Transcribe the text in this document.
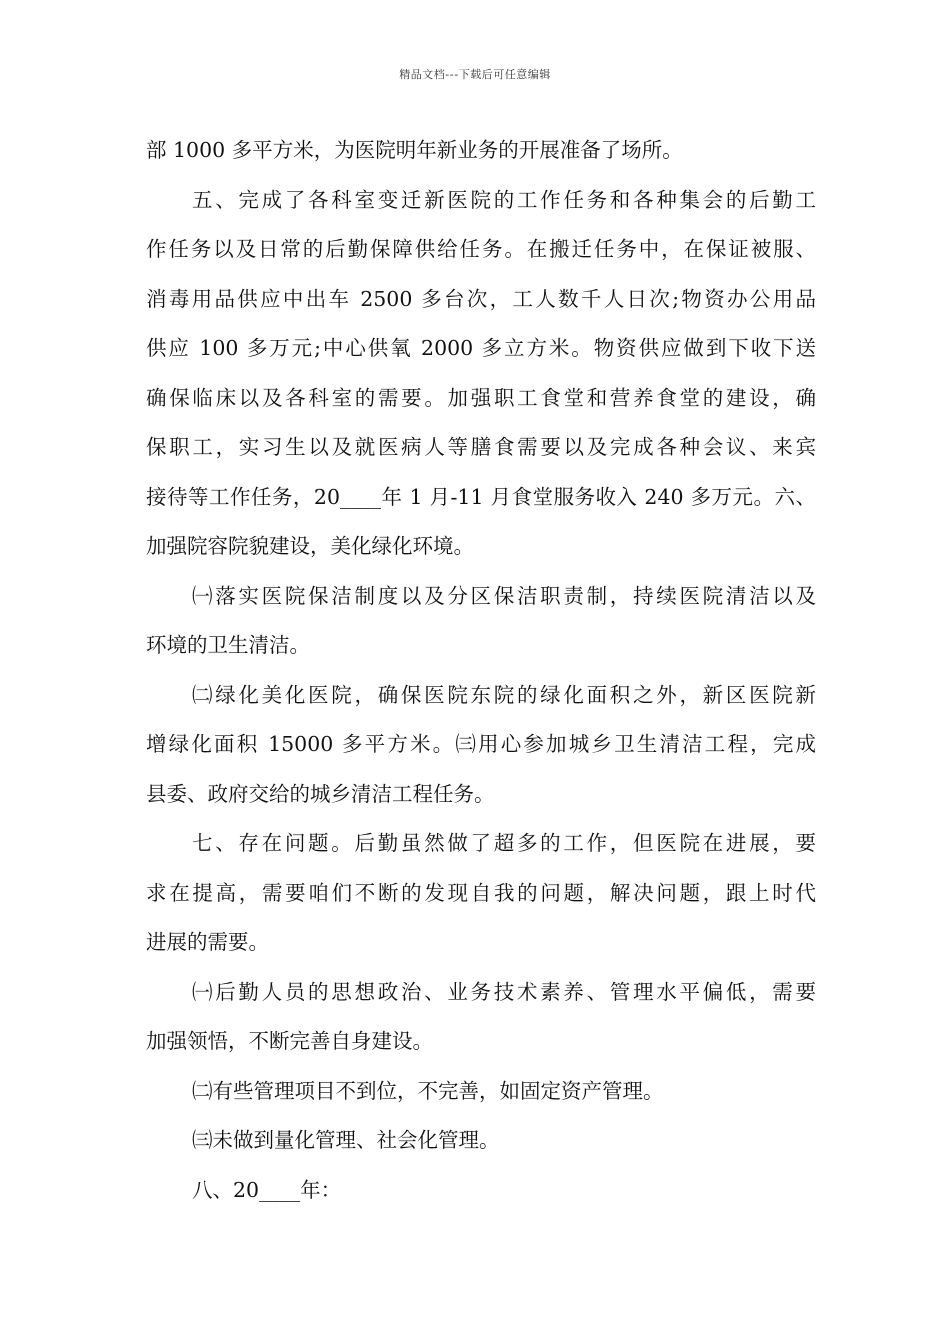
精品文档---下载后可任意编辑
部 1000 多平方米，为医院明年新业务的开展准备了场所。
五、完成了各科室变迁新医院的工作任务和各种集会的后勤工
作任务以及日常的后勤保障供给任务。在搬迁任务中，在保证被服、
消毒用品供应中出车 2500 多台次，工人数千人日次;物资办公用品
供应 100 多万元;中心供氧 2000 多立方米。物资供应做到下收下送
确保临床以及各科室的需要。加强职工食堂和营养食堂的建设，确
保职工，实习生以及就医病人等膳食需要以及完成各种会议、来宾
接待等工作任务，20____年 1 月-11 月食堂服务收入 240 多万元。六、
加强院容院貌建设，美化绿化环境。
㈠落实医院保洁制度以及分区保洁职责制，持续医院清洁以及
环境的卫生清洁。
㈡绿化美化医院，确保医院东院的绿化面积之外，新区医院新
增绿化面积 15000 多平方米。㈢用心参加城乡卫生清洁工程，完成
县委、政府交给的城乡清洁工程任务。
七、存在问题。后勤虽然做了超多的工作，但医院在进展，要
求在提高，需要咱们不断的发现自我的问题，解决问题，跟上时代
进展的需要。
㈠后勤人员的思想政治、业务技术素养、管理水平偏低，需要
加强领悟，不断完善自身建设。
㈡有些管理项目不到位，不完善，如固定资产管理。
㈢未做到量化管理、社会化管理。
八、20____年：
